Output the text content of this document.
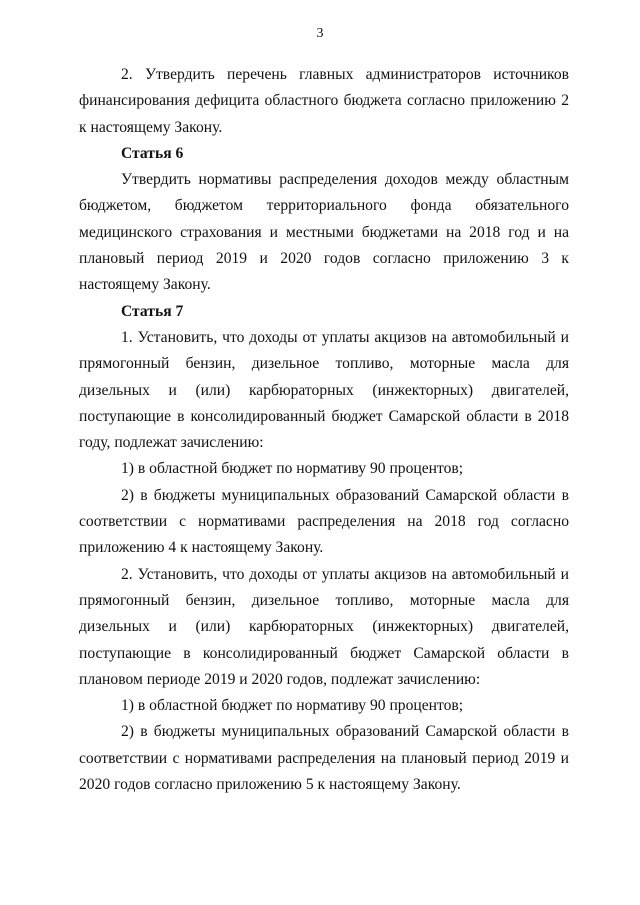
3

2. Утвердить перечень главных администраторов источников финансирования дефицита областного бюджета согласно приложению 2 к настоящему Закону.

Статья 6

Утвердить нормативы распределения доходов между областным бюджетом, бюджетом территориального фонда обязательного медицинского страхования и местными бюджетами на 2018 год и на плановый период 2019 и 2020 годов согласно приложению 3 к настоящему Закону.

Статья 7

1. Установить, что доходы от уплаты акцизов на автомобильный и прямогонный бензин, дизельное топливо, моторные масла для дизельных и (или) карбюраторных (инжекторных) двигателей, поступающие в консолидированный бюджет Самарской области в 2018 году, подлежат зачислению:

1) в областной бюджет по нормативу 90 процентов;

2) в бюджеты муниципальных образований Самарской области в соответствии с нормативами распределения на 2018 год согласно приложению 4 к настоящему Закону.

2. Установить, что доходы от уплаты акцизов на автомобильный и прямогонный бензин, дизельное топливо, моторные масла для дизельных и (или) карбюраторных (инжекторных) двигателей, поступающие в консолидированный бюджет Самарской области в плановом периоде 2019 и 2020 годов, подлежат зачислению:

1) в областной бюджет по нормативу 90 процентов;

2) в бюджеты муниципальных образований Самарской области в соответствии с нормативами распределения на плановый период 2019 и 2020 годов согласно приложению 5 к настоящему Закону.
